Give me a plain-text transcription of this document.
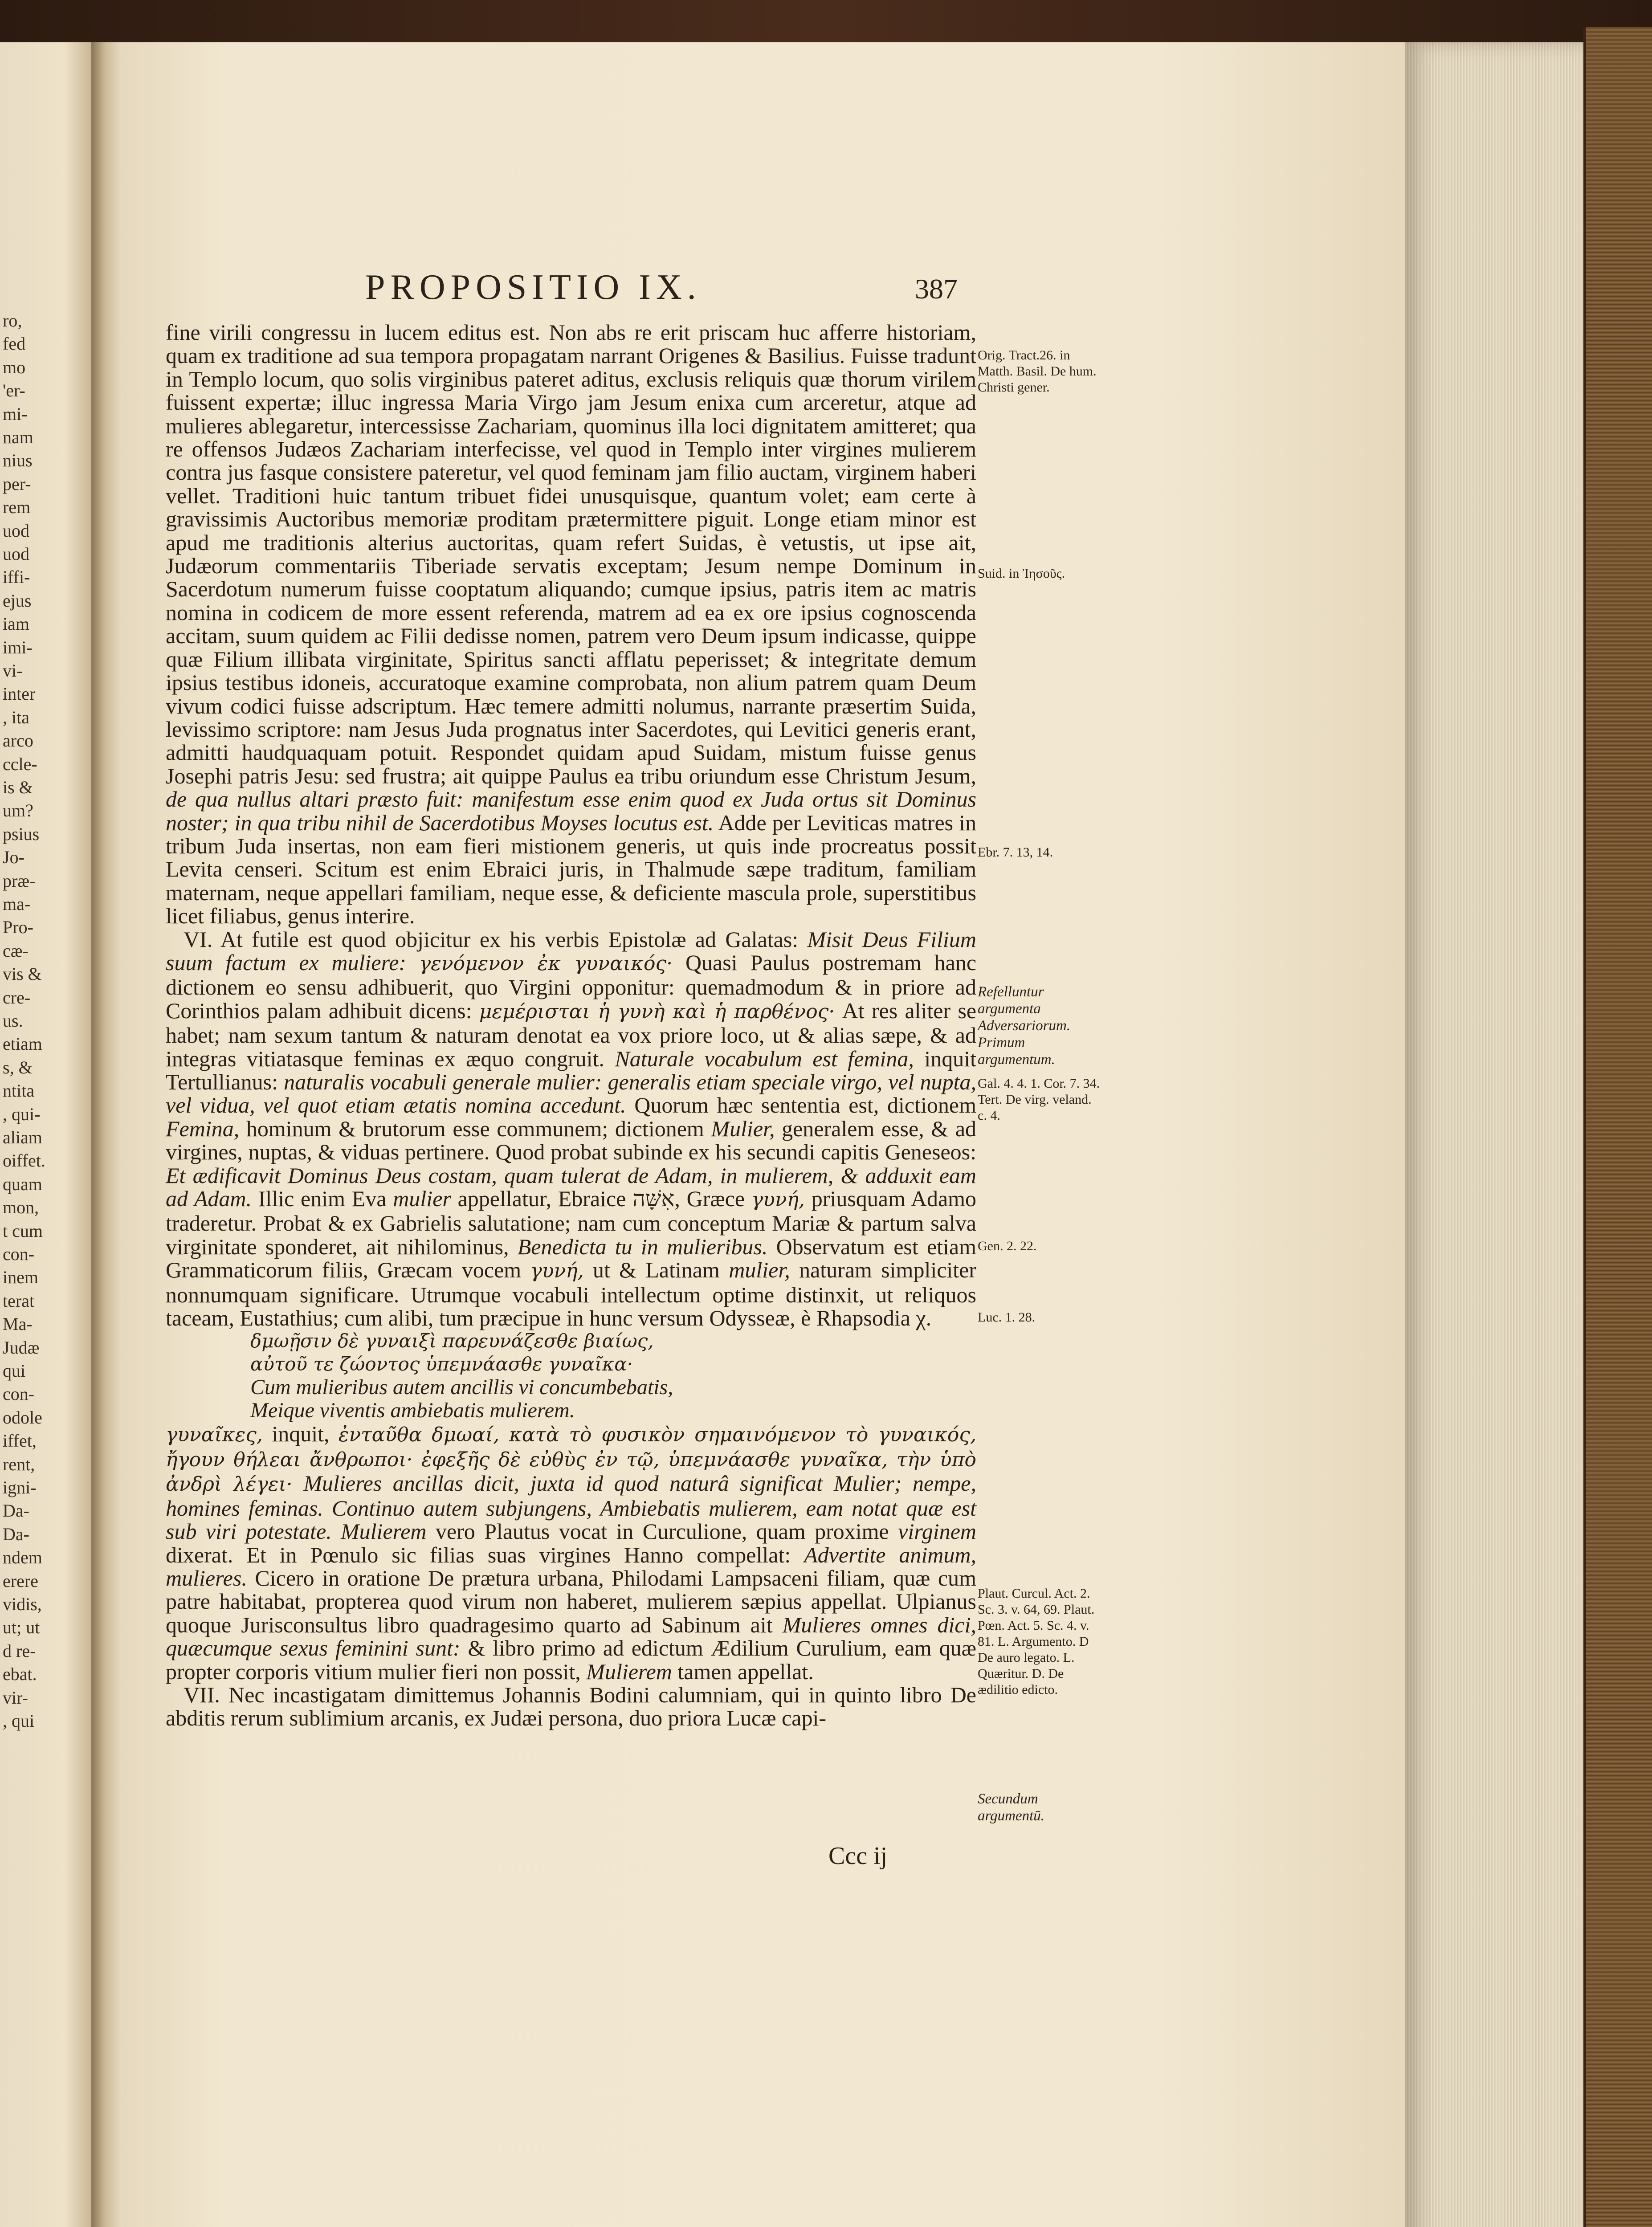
ro,
fed
mo
'er-
mi-
nam
nius
per-
rem
uod
uod
iffi-
ejus
iam
imi-
vi-
inter
, ita
arco
ccle-
is &
um?
psius
Jo-
præ-
ma-
Pro-
cæ-
vis &
cre-
us.
etiam
s, &
ntita
, qui-
aliam
oiffet.
quam
mon,
t cum
con-
inem
terat
Ma-
Judæ
qui
con-
odole
iffet,
rent,
igni-
Da-
Da-
ndem
erere
vidis,
ut; ut
d re-
ebat.
vir-
, qui
PROPOSITIO IX.	387

fine virili congressu in lucem editus est. Non abs re erit priscam huc afferre historiam, quam ex traditione ad sua tempora propagatam narrant Origenes & Basilius. Fuisse tradunt in Templo locum, quo solis virginibus pateret aditus, exclusis reliquis quæ thorum virilem fuissent expertæ; illuc ingressa Maria Virgo jam Jesum enixa cum arceretur, atque ad mulieres ablegaretur, intercessisse Zachariam, quominus illa loci dignitatem amitteret; qua re offensos Judæos Zachariam interfecisse, vel quod in Templo inter virgines mulierem contra jus fasque consistere pateretur, vel quod feminam jam filio auctam, virginem haberi vellet. Traditioni huic tantum tribuet fidei unusquisque, quantum volet; eam certe à gravissimis Auctoribus memoriæ proditam prætermittere piguit. Longe etiam minor est apud me traditionis alterius auctoritas, quam refert Suidas, è vetustis, ut ipse ait, Judæorum commentariis Tiberiade servatis exceptam; Jesum nempe Dominum in Sacerdotum numerum fuisse cooptatum aliquando; cumque ipsius, patris item ac matris nomina in codicem de more essent referenda, matrem ad ea ex ore ipsius cognoscenda accitam, suum quidem ac Filii dedisse nomen, patrem vero Deum ipsum indicasse, quippe quæ Filium illibata virginitate, Spiritus sancti afflatu peperisset; & integritate demum ipsius testibus idoneis, accuratoque examine comprobata, non alium patrem quam Deum vivum codici fuisse adscriptum. Hæc temere admitti nolumus, narrante præsertim Suida, levissimo scriptore: nam Jesus Juda prognatus inter Sacerdotes, qui Levitici generis erant, admitti haudquaquam potuit. Respondet quidam apud Suidam, mistum fuisse genus Josephi patris Jesu: sed frustra; ait quippe Paulus ea tribu oriundum esse Christum Jesum, de qua nullus altari præsto fuit: manifestum esse enim quod ex Juda ortus sit Dominus noster; in qua tribu nihil de Sacerdotibus Moyses locutus est. Adde per Leviticas matres in tribum Juda insertas, non eam fieri mistionem generis, ut quis inde procreatus possit Levita censeri. Scitum est enim Ebraici juris, in Thalmude sæpe traditum, familiam maternam, neque appellari familiam, neque esse, & deficiente masculа prole, superstitibus licet filiabus, genus interire.

VI. At futile est quod objicitur ex his verbis Epistolæ ad Galatas: Misit Deus Filium suum factum ex muliere: γενόμενον ἐκ γυναικός· Quasi Paulus postremam hanc dictionem eo sensu adhibuerit, quo Virgini opponitur: quemadmodum & in priore ad Corinthios palam adhibuit dicens: μεμέρισται ἡ γυνὴ καὶ ἡ παρθένος· At res aliter se habet; nam sexum tantum & naturam denotat ea vox priore loco, ut & alias sæpe, & ad integras vitiatasque feminas ex æquo congruit. Naturale vocabulum est femina, inquit Tertullianus: naturalis vocabuli generale mulier: generalis etiam speciale virgo, vel nupta, vel vidua, vel quot etiam ætatis nomina accedunt. Quorum hæc sententia est, dictionem Femina, hominum & brutorum esse communem; dictionem Mulier, generalem esse, & ad virgines, nuptas, & viduas pertinere. Quod probat subinde ex his secundi capitis Geneseos: Et ædificavit Dominus Deus costam, quam tulerat de Adam, in mulierem, & adduxit eam ad Adam. Illic enim Eva mulier appellatur, Ebraice אִשָּׁה, Græce γυνή, priusquam Adamo traderetur. Probat & ex Gabrielis salutatione; nam cum conceptum Mariæ & partum salva virginitate sponderet, ait nihilominus, Benedicta tu in mulieribus. Observatum est etiam Grammaticorum filiis, Græcam vocem γυνή, ut & Latinam mulier, naturam simpliciter nonnumquam significare. Utrumque vocabuli intellectum optime distinxit, ut reliquos taceam, Eustathius; cum alibi, tum præcipue in hunc versum Odysseæ, è Rhapsodia χ.

δμωῇσιν δὲ γυναιξὶ παρευνάζεσθε βιαίως,
αὐτοῦ τε ζώοντος ὑπεμνάασθε γυναῖκα·
Cum mulieribus autem ancillis vi concumbebatis,
Meique viventis ambiebatis mulierem.

γυναῖκες, inquit, ἐνταῦθα δμωαί, κατὰ τὸ φυσικὸν σημαινόμενον τὸ γυναικός, ἤγουν θήλεαι ἄνθρωποι· ἐφεξῆς δὲ εὐθὺς ἐν τῷ, ὑπεμνάασθε γυναῖκα, τὴν ὑπὸ ἀνδρὶ λέγει· Mulieres ancillas dicit, juxta id quod naturâ significat Mulier; nempe, homines feminas. Continuo autem subjungens, Ambiebatis mulierem, eam notat quæ est sub viri potestate. Mulierem vero Plautus vocat in Curculione, quam proxime virginem dixerat. Et in Pœnulo sic filias suas virgines Hanno compellat: Advertite animum, mulieres. Cicero in oratione De prætura urbana, Philodami Lampsaceni filiam, quæ cum patre habitabat, propterea quod virum non haberet, mulierem sæpius appellat. Ulpianus quoque Jurisconsultus libro quadragesimo quarto ad Sabinum ait Mulieres omnes dici, quæcumque sexus feminini sunt: & libro primo ad edictum Ædilium Curulium, eam quæ propter corporis vitium mulier fieri non possit, Mulierem tamen appellat.

VII. Nec incastigatam dimittemus Johannis Bodini calumniam, qui in quinto libro De abditis rerum sublimium arcanis, ex Judæi persona, duo priora Lucæ capi-

Orig. Tract.26. in Matth. Basil. De hum. Christi gener.
Suid. in Ἰησοῦς.
Ebr. 7. 13, 14.
Refelluntur argumenta Adversariorum. Primum argumentum.
Gal. 4. 4. 1. Cor. 7. 34. Tert. De virg. veland. c. 4.
Gen. 2. 22.
Luc. 1. 28.
Plaut. Curcul. Act. 2. Sc. 3. v. 64, 69. Plaut. Pœn. Act. 5. Sc. 4. v. 81. L. Argumento. D De auro legato. L. Quæritur. D. De ædilitio edicto.
Secundum argumentū.
Ccc ij
